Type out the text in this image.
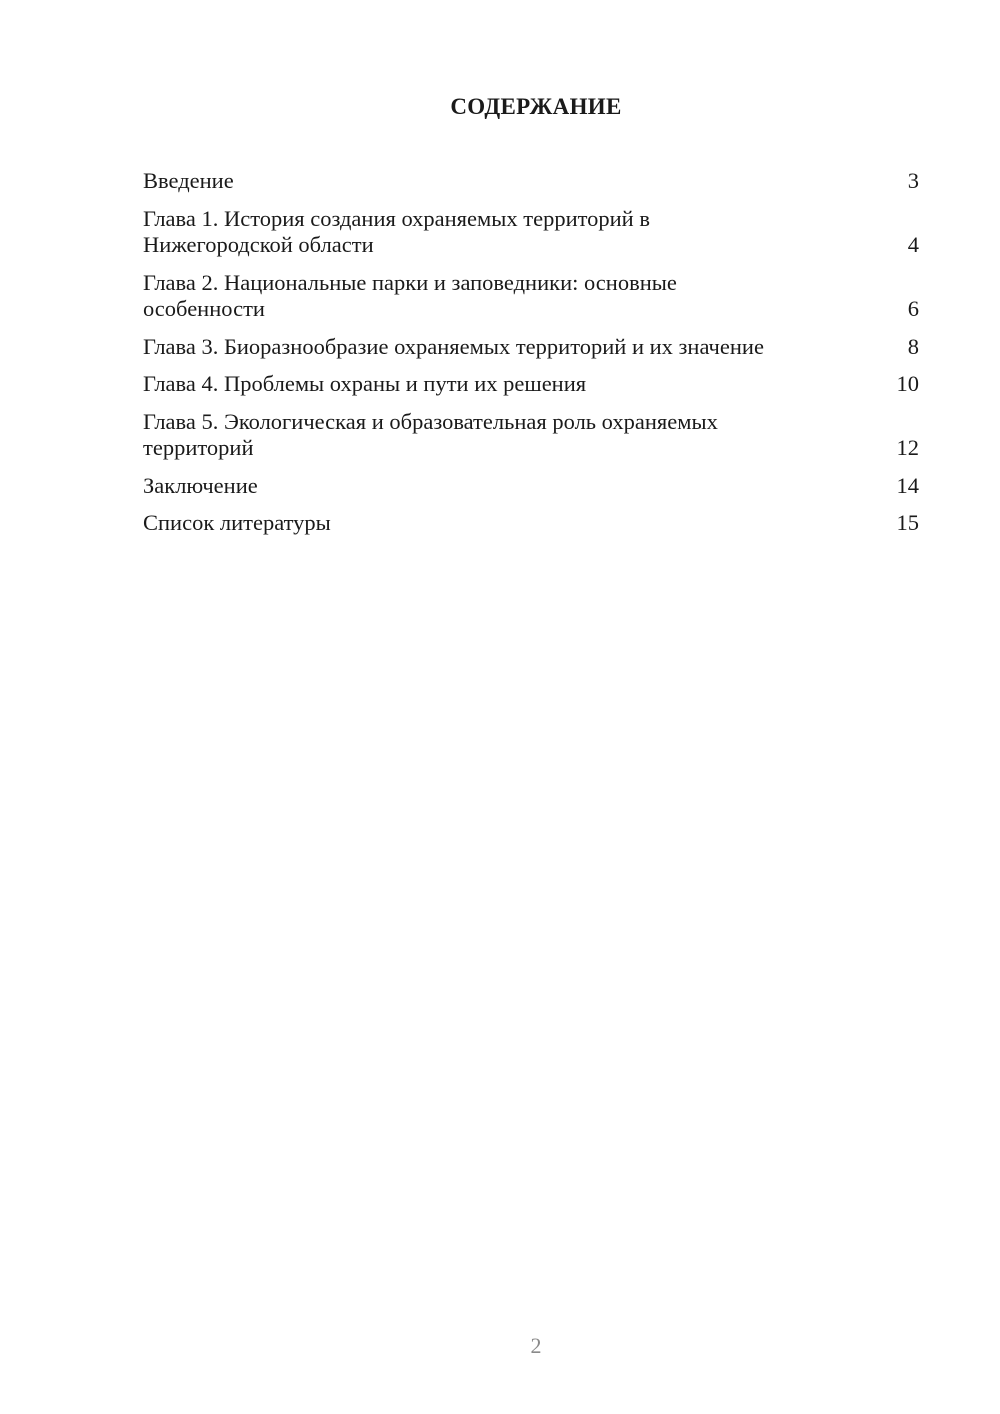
СОДЕРЖАНИЕ
Введение	3
Глава 1. История создания охраняемых территорий в Нижегородской области	4
Глава 2. Национальные парки и заповедники: основные особенности	6
Глава 3. Биоразнообразие охраняемых территорий и их значение	8
Глава 4. Проблемы охраны и пути их решения	10
Глава 5. Экологическая и образовательная роль охраняемых территорий	12
Заключение	14
Список литературы	15
2
